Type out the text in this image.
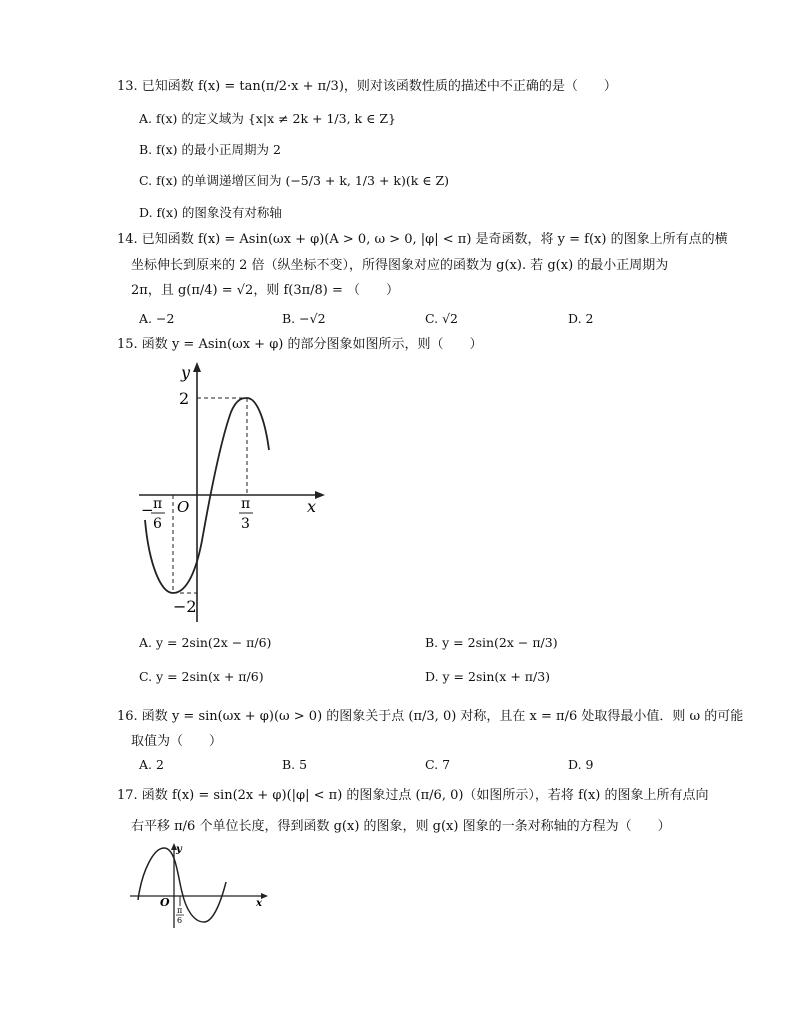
13. 已知函数 f(x) = tan(π/2·x + π/3)，则对该函数性质的描述中不正确的是（　　）
A. f(x) 的定义域为 {x|x ≠ 2k + 1/3, k ∈ Z}
B. f(x) 的最小正周期为 2
C. f(x) 的单调递增区间为 (−5/3 + k, 1/3 + k)(k ∈ Z)
D. f(x) 的图象没有对称轴
14. 已知函数 f(x) = Asin(ωx + φ)(A > 0, ω > 0, |φ| < π) 是奇函数，将 y = f(x) 的图象上所有点的横
坐标伸长到原来的 2 倍（纵坐标不变），所得图象对应的函数为 g(x). 若 g(x) 的最小正周期为
2π，且 g(π/4) = √2，则 f(3π/8) = （　　）
A. −2	B. −√2	C. √2	D. 2
15. 函数 y = Asin(ωx + φ) 的部分图象如图所示，则（　　）
y
x
O
2
−2
− π
6
π
3
A. y = 2sin(2x − π/6)	B. y = 2sin(2x − π/3)
C. y = 2sin(x + π/6)	D. y = 2sin(x + π/3)
16. 函数 y = sin(ωx + φ)(ω > 0) 的图象关于点 (π/3, 0) 对称，且在 x = π/6 处取得最小值．则 ω 的可能
取值为（　　）
A. 2	B. 5	C. 7	D. 9
17. 函数 f(x) = sin(2x + φ)(|φ| < π) 的图象过点 (π/6, 0)（如图所示），若将 f(x) 的图象上所有点向
右平移 π/6 个单位长度，得到函数 g(x) 的图象，则 g(x) 图象的一条对称轴的方程为（　　）
y
x
O
π
6
